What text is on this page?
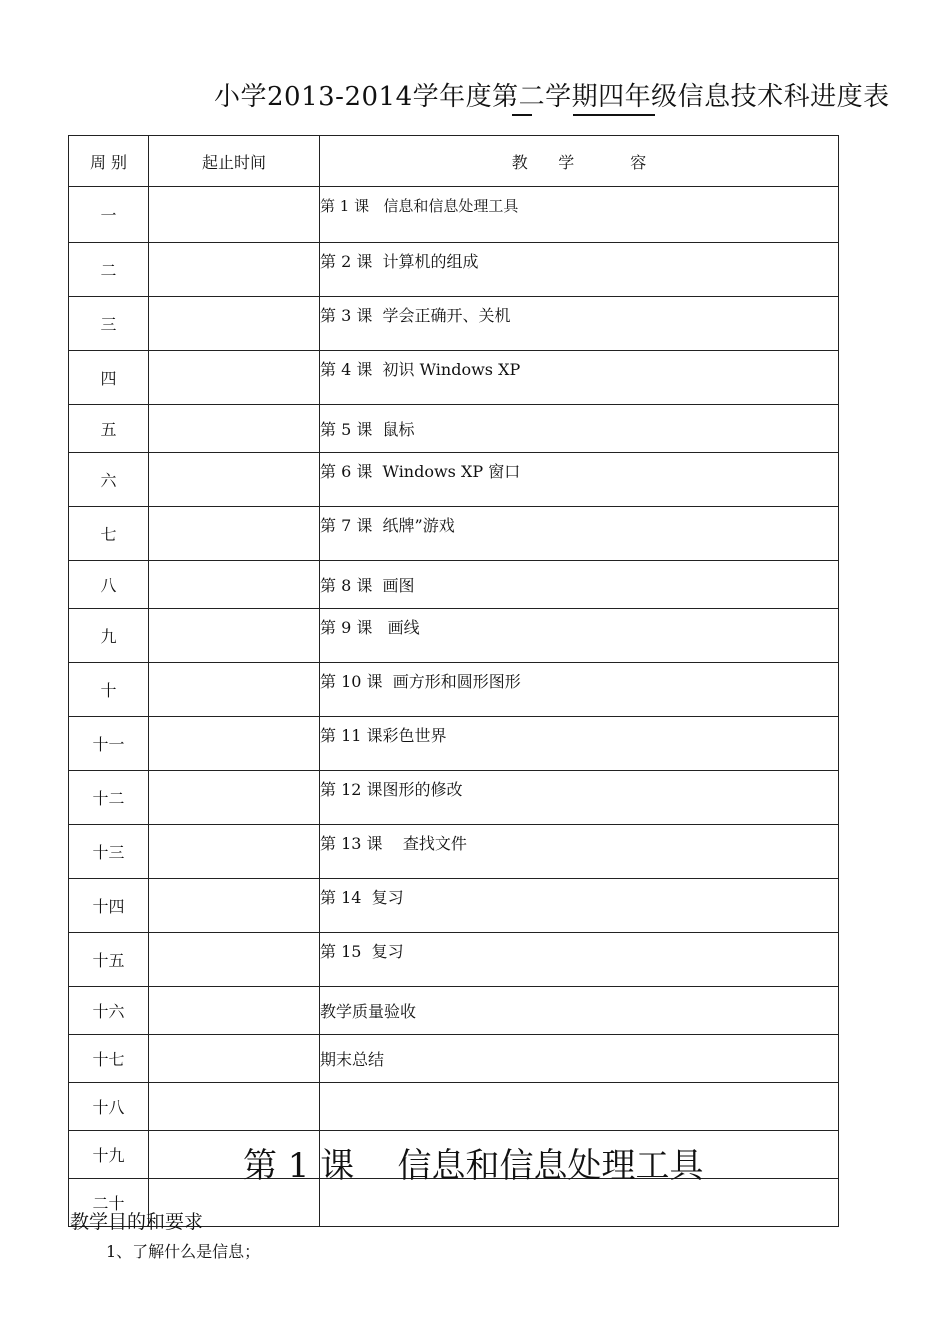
小学2013-2014学年度第二学期四年级信息技术科进度表
周 别	起止时间	教      学           容
一		第 1 课   信息和信息处理工具
二		第 2 课  计算机的组成
三		第 3 课  学会正确开、关机
四		第 4 课  初识 Windows XP
五		第 5 课  鼠标
六		第 6 课  Windows XP 窗口
七		第 7 课  纸牌”游戏
八		第 8 课  画图
九		第 9 课   画线
十		第 10 课  画方形和圆形图形
十一		第 11 课彩色世界
十二		第 12 课图形的修改
十三		第 13 课    查找文件
十四		第 14  复习
十五		第 15  复习
十六		教学质量验收
十七		期末总结
十八		
十九		
二十		
第 1 课    信息和信息处理工具
教学目的和要求
1、了解什么是信息；
